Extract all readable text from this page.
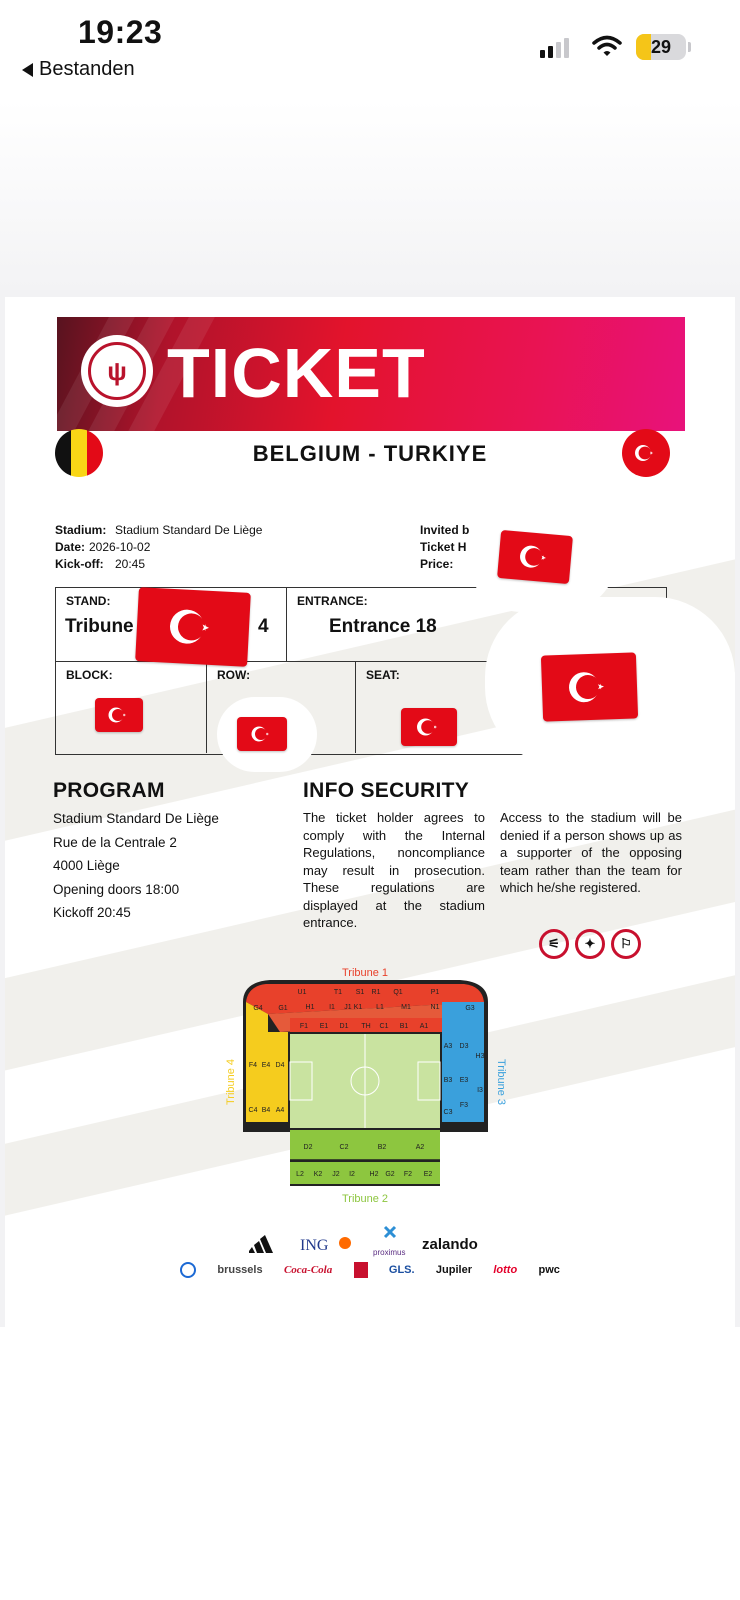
19:23
Bestanden
29
ψ TICKET
BELGIUM - TURKIYE
Stadium: Stadium Standard De Liège
Date: 2026-10-02
Kick-off: 20:45
Invited b
Ticket H
Price:
STAND:
Tribune	4
ENTRANCE:
Entrance 18
BLOCK:	ROW:	SEAT:
PROGRAM
Stadium Standard De Liège
Rue de la Centrale 2
4000 Liège
Opening doors 18:00
Kickoff 20:45
INFO SECURITY
The ticket holder agrees to comply with the Internal Regulations, noncompliance may result in prosecution. These regulations are displayed at the stadium entrance.
Access to the stadium will be denied if a person shows up as a supporter of the opposing team rather than the team for which he/she registered.
⚟	✦	⚐
Tribune 1
Tribune 2
Tribune 3
Tribune 4
U1	T1 S1 R1 Q1	P1
H1 I1 J1 K1 L1 M1	N1
F1 E1 D1 TH C1 B1 A1
G4 G1	G3
F4 E4 D4
C4 B4 A4
A3 D3
H3
B3 E3
I3
C3
F3
D2	C2	B2	A2
L2 K2 J2 I2 H2 G2 F2 E2
ING	proximus zalando
brussels Coca-Cola	GLS. Jupiler lotto pwc
